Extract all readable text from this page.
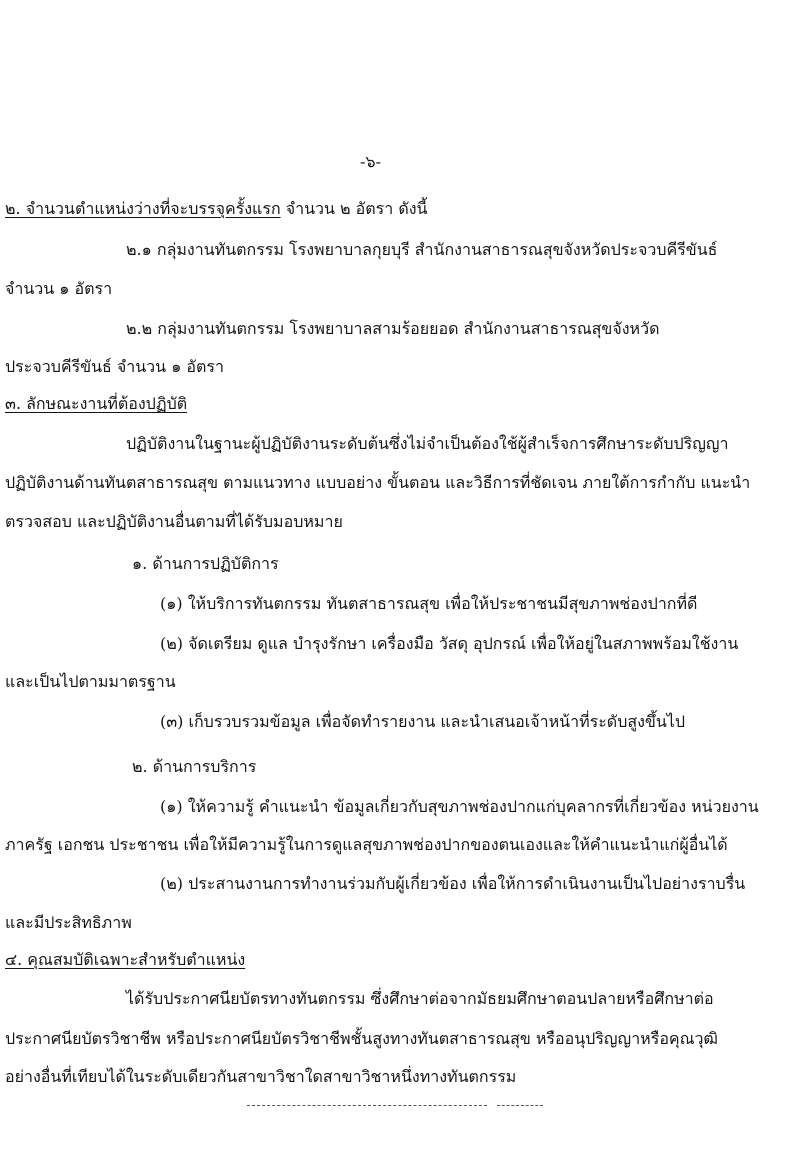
-๖-
๒. จำนวนตำแหน่งว่างที่จะบรรจุครั้งแรก จำนวน ๒ อัตรา ดังนี้
๒.๑ กลุ่มงานทันตกรรม โรงพยาบาลกุยบุรี สำนักงานสาธารณสุขจังหวัดประจวบคีรีขันธ์
จำนวน ๑ อัตรา
๒.๒ กลุ่มงานทันตกรรม โรงพยาบาลสามร้อยยอด สำนักงานสาธารณสุขจังหวัด
ประจวบคีรีขันธ์ จำนวน ๑ อัตรา
๓. ลักษณะงานที่ต้องปฏิบัติ
ปฏิบัติงานในฐานะผู้ปฏิบัติงานระดับต้นซึ่งไม่จำเป็นต้องใช้ผู้สำเร็จการศึกษาระดับปริญญา
ปฏิบัติงานด้านทันตสาธารณสุข ตามแนวทาง แบบอย่าง ขั้นตอน และวิธีการที่ชัดเจน ภายใต้การกำกับ แนะนำ
ตรวจสอบ และปฏิบัติงานอื่นตามที่ได้รับมอบหมาย
๑. ด้านการปฏิบัติการ
(๑) ให้บริการทันตกรรม ทันตสาธารณสุข เพื่อให้ประชาชนมีสุขภาพช่องปากที่ดี
(๒) จัดเตรียม ดูแล บำรุงรักษา เครื่องมือ วัสดุ อุปกรณ์ เพื่อให้อยู่ในสภาพพร้อมใช้งาน
และเป็นไปตามมาตรฐาน
(๓) เก็บรวบรวมข้อมูล เพื่อจัดทำรายงาน และนำเสนอเจ้าหน้าที่ระดับสูงขึ้นไป
๒. ด้านการบริการ
(๑) ให้ความรู้ คำแนะนำ ข้อมูลเกี่ยวกับสุขภาพช่องปากแก่บุคลากรที่เกี่ยวข้อง หน่วยงาน
ภาครัฐ เอกชน ประชาชน เพื่อให้มีความรู้ในการดูแลสุขภาพช่องปากของตนเองและให้คำแนะนำแก่ผู้อื่นได้
(๒) ประสานงานการทำงานร่วมกับผู้เกี่ยวข้อง เพื่อให้การดำเนินงานเป็นไปอย่างราบรื่น
และมีประสิทธิภาพ
๔. คุณสมบัติเฉพาะสำหรับตำแหน่ง
ได้รับประกาศนียบัตรทางทันตกรรม ซึ่งศึกษาต่อจากมัธยมศึกษาตอนปลายหรือศึกษาต่อ
ประกาศนียบัตรวิชาชีพ หรือประกาศนียบัตรวิชาชีพชั้นสูงทางทันตสาธารณสุข หรืออนุปริญญาหรือคุณวุฒิ
อย่างอื่นที่เทียบได้ในระดับเดียวกันสาขาวิชาใดสาขาวิชาหนึ่งทางทันตกรรม
